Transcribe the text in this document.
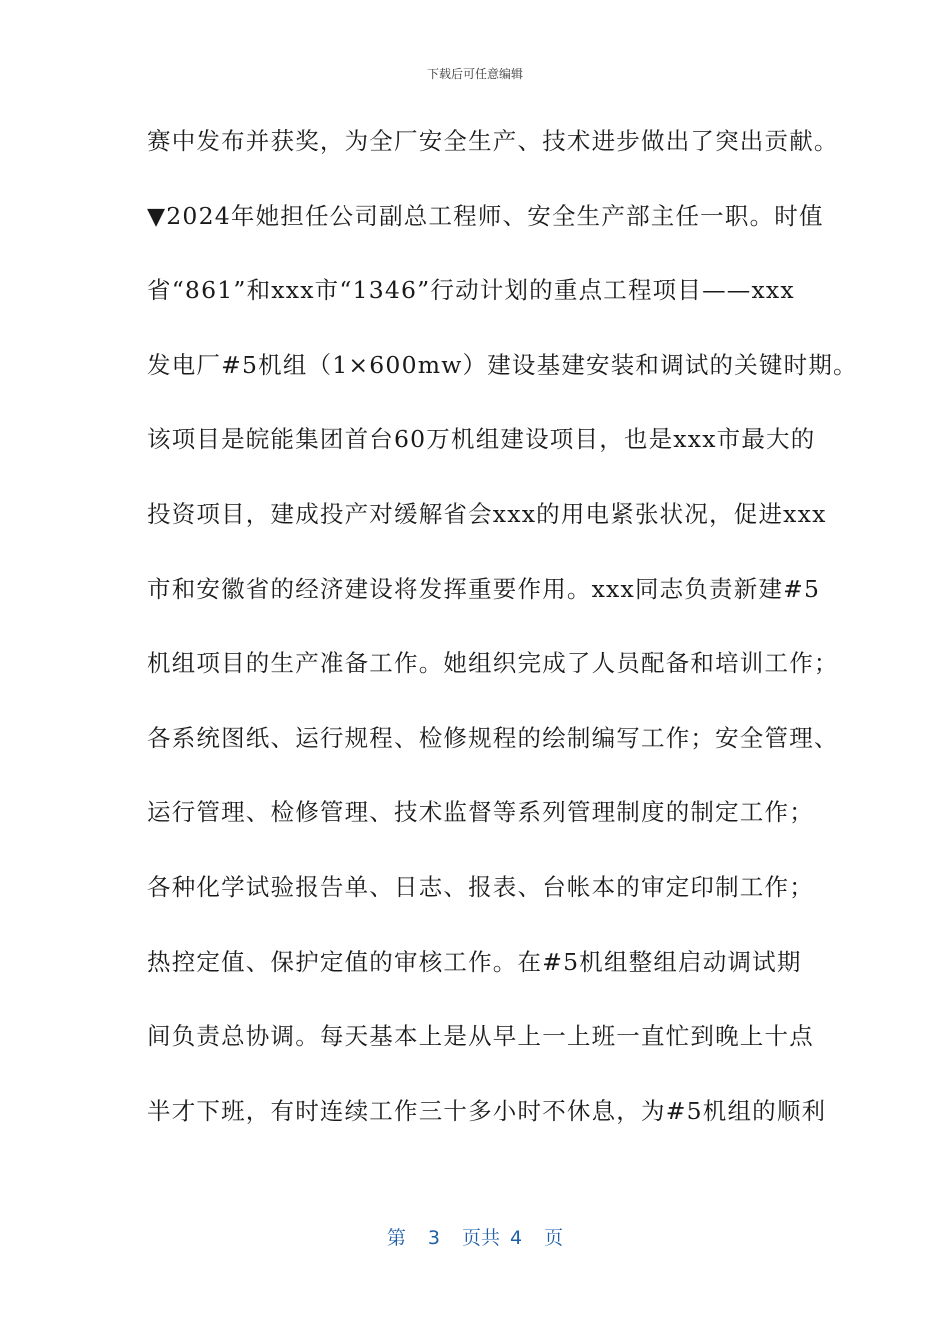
下载后可任意编辑
赛中发布并获奖，为全厂安全生产、技术进步做出了突出贡献。
▼2024年她担任公司副总工程师、安全生产部主任一职。时值
省“861”和xxx市“1346”行动计划的重点工程项目——xxx
发电厂#5机组（1×600mw）建设基建安装和调试的关键时期。
该项目是皖能集团首台60万机组建设项目，也是xxx市最大的
投资项目，建成投产对缓解省会xxx的用电紧张状况，促进xxx
市和安徽省的经济建设将发挥重要作用。xxx同志负责新建#5
机组项目的生产准备工作。她组织完成了人员配备和培训工作；
各系统图纸、运行规程、检修规程的绘制编写工作；安全管理、
运行管理、检修管理、技术监督等系列管理制度的制定工作；
各种化学试验报告单、日志、报表、台帐本的审定印制工作；
热控定值、保护定值的审核工作。在#5机组整组启动调试期
间负责总协调。每天基本上是从早上一上班一直忙到晚上十点
半才下班，有时连续工作三十多小时不休息，为#5机组的顺利
第 3 页共 4 页
